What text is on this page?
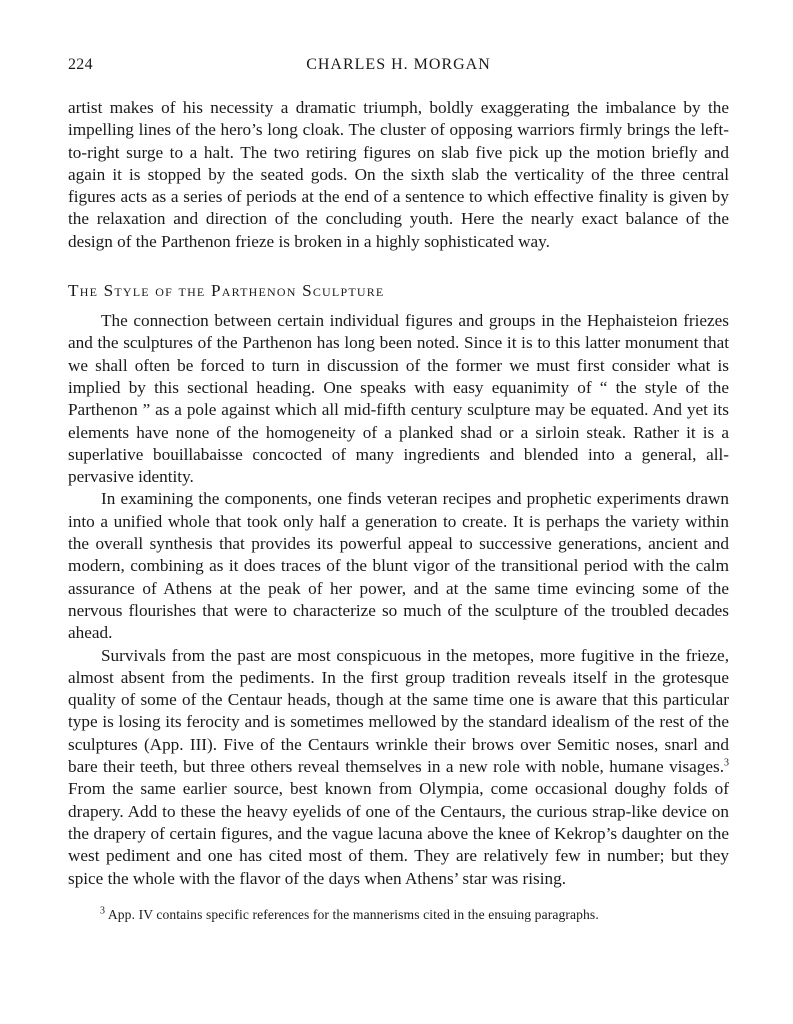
224	CHARLES H. MORGAN

artist makes of his necessity a dramatic triumph, boldly exaggerating the imbalance by the impelling lines of the hero’s long cloak. The cluster of opposing warriors firmly brings the left-to-right surge to a halt. The two retiring figures on slab five pick up the motion briefly and again it is stopped by the seated gods. On the sixth slab the verticality of the three central figures acts as a series of periods at the end of a sentence to which effective finality is given by the relaxation and direction of the concluding youth. Here the nearly exact balance of the design of the Parthenon frieze is broken in a highly sophisticated way.

The Style of the Parthenon Sculpture

The connection between certain individual figures and groups in the Hephaisteion friezes and the sculptures of the Parthenon has long been noted. Since it is to this latter monument that we shall often be forced to turn in discussion of the former we must first consider what is implied by this sectional heading. One speaks with easy equanimity of “ the style of the Parthenon ” as a pole against which all mid-fifth century sculpture may be equated. And yet its elements have none of the homogeneity of a planked shad or a sirloin steak. Rather it is a superlative bouillabaisse concocted of many ingredients and blended into a general, all-pervasive identity.

In examining the components, one finds veteran recipes and prophetic experiments drawn into a unified whole that took only half a generation to create. It is perhaps the variety within the overall synthesis that provides its powerful appeal to successive generations, ancient and modern, combining as it does traces of the blunt vigor of the transitional period with the calm assurance of Athens at the peak of her power, and at the same time evincing some of the nervous flourishes that were to characterize so much of the sculpture of the troubled decades ahead.

Survivals from the past are most conspicuous in the metopes, more fugitive in the frieze, almost absent from the pediments. In the first group tradition reveals itself in the grotesque quality of some of the Centaur heads, though at the same time one is aware that this particular type is losing its ferocity and is sometimes mellowed by the standard idealism of the rest of the sculptures (App. III). Five of the Centaurs wrinkle their brows over Semitic noses, snarl and bare their teeth, but three others reveal themselves in a new role with noble, humane visages.$^3$ From the same earlier source, best known from Olympia, come occasional doughy folds of drapery. Add to these the heavy eyelids of one of the Centaurs, the curious strap-like device on the drapery of certain figures, and the vague lacuna above the knee of Kekrop’s daughter on the west pediment and one has cited most of them. They are relatively few in number; but they spice the whole with the flavor of the days when Athens’ star was rising.

$^3$ App. IV contains specific references for the mannerisms cited in the ensuing paragraphs.
